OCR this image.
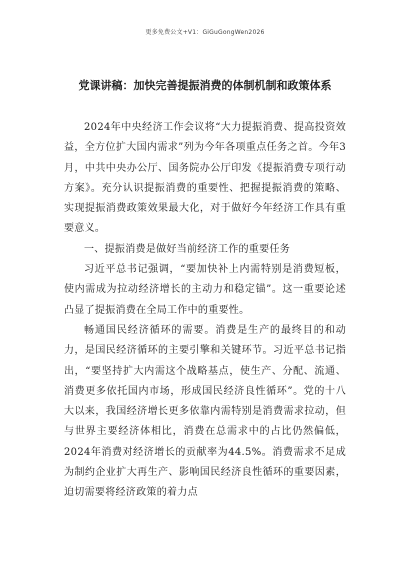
更多免费公文+V1：GiGuGongWen2026
党课讲稿：加快完善提振消费的体制机制和政策体系

2024年中央经济工作会议将“大力提振消费、提高投资效益，全方位扩大国内需求”列为今年各项重点任务之首。今年3月，中共中央办公厅、国务院办公厅印发《提振消费专项行动方案》。充分认识提振消费的重要性、把握提振消费的策略、实现提振消费政策效果最大化，对于做好今年经济工作具有重要意义。

一、提振消费是做好当前经济工作的重要任务

习近平总书记强调，“要加快补上内需特别是消费短板，使内需成为拉动经济增长的主动力和稳定锚”。这一重要论述凸显了提振消费在全局工作中的重要性。

畅通国民经济循环的需要。消费是生产的最终目的和动力，是国民经济循环的主要引擎和关键环节。习近平总书记指出，“要坚持扩大内需这个战略基点，使生产、分配、流通、消费更多依托国内市场，形成国民经济良性循环”。党的十八大以来，我国经济增长更多依靠内需特别是消费需求拉动，但与世界主要经济体相比，消费在总需求中的占比仍然偏低，2024年消费对经济增长的贡献率为44.5%。消费需求不足成为制约企业扩大再生产、影响国民经济良性循环的重要因素，迫切需要将经济政策的着力点
